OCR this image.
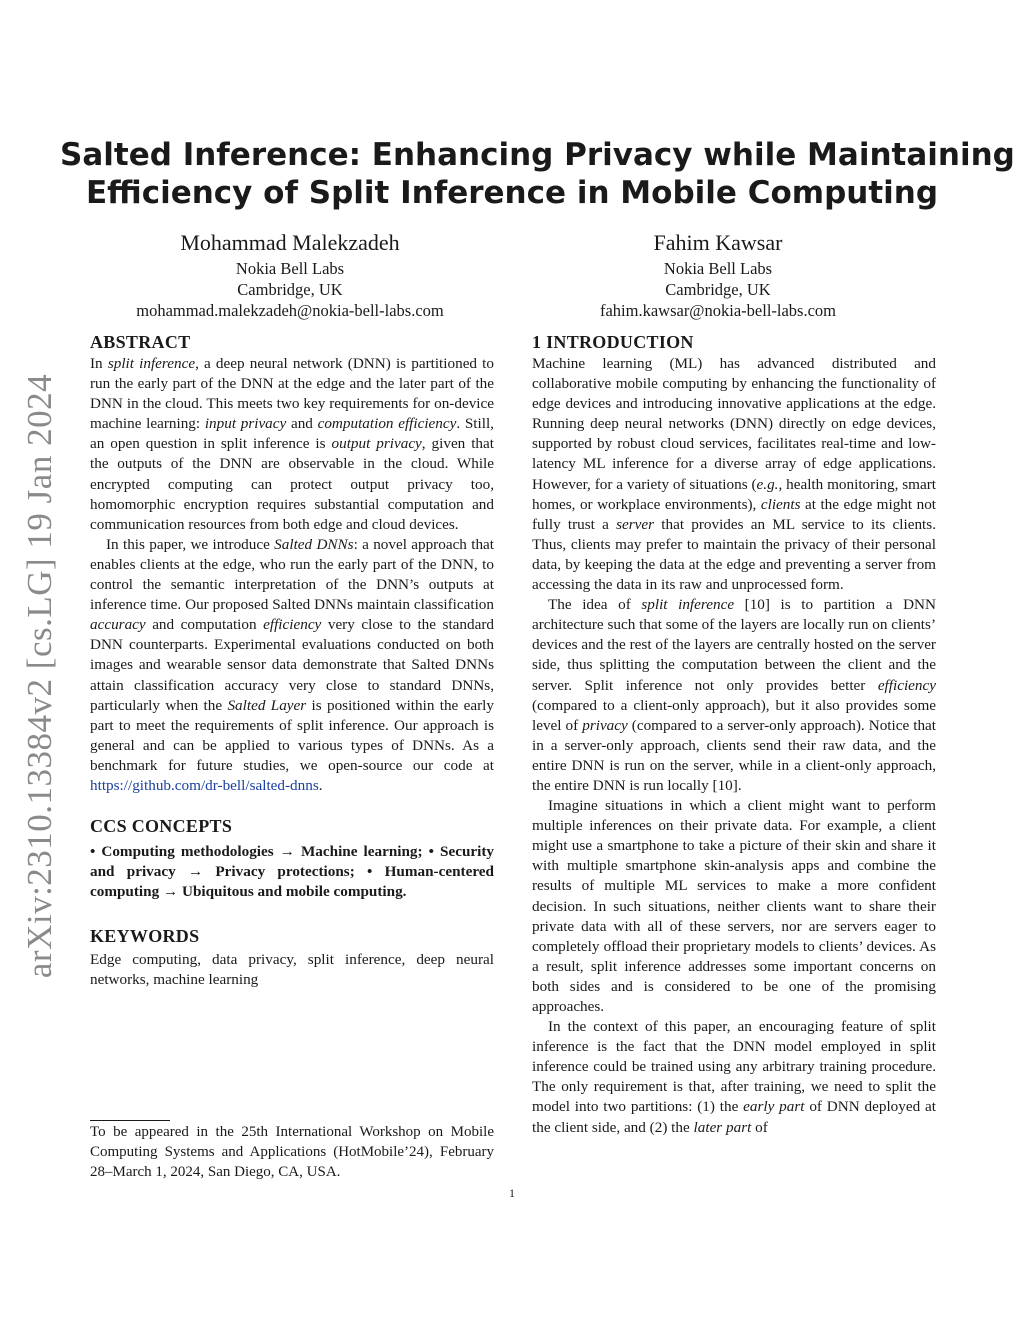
arXiv:2310.13384v2 [cs.LG] 19 Jan 2024
Salted Inference: Enhancing Privacy while Maintaining
Efficiency of Split Inference in Mobile Computing
Mohammad Malekzadeh
Nokia Bell Labs
Cambridge, UK
mohammad.malekzadeh@nokia-bell-labs.com
Fahim Kawsar
Nokia Bell Labs
Cambridge, UK
fahim.kawsar@nokia-bell-labs.com
ABSTRACT

In split inference, a deep neural network (DNN) is partitioned to run the early part of the DNN at the edge and the later part of the DNN in the cloud. This meets two key requirements for on-device machine learning: input privacy and computation efficiency. Still, an open question in split inference is output privacy, given that the outputs of the DNN are observable in the cloud. While encrypted computing can protect output privacy too, homomorphic encryption requires substantial computation and communication resources from both edge and cloud devices.

In this paper, we introduce Salted DNNs: a novel approach that enables clients at the edge, who run the early part of the DNN, to control the semantic interpretation of the DNN’s outputs at inference time. Our proposed Salted DNNs maintain classification accuracy and computation efficiency very close to the standard DNN counterparts. Experimental evaluations conducted on both images and wearable sensor data demonstrate that Salted DNNs attain classification accuracy very close to standard DNNs, particularly when the Salted Layer is positioned within the early part to meet the requirements of split inference. Our approach is general and can be applied to various types of DNNs. As a benchmark for future studies, we open-source our code at https://github.com/dr-bell/salted-dnns.

CCS CONCEPTS

• Computing methodologies → Machine learning; • Security and privacy → Privacy protections; • Human-centered computing → Ubiquitous and mobile computing.

KEYWORDS

Edge computing, data privacy, split inference, deep neural networks, machine learning

To be appeared in the 25th International Workshop on Mobile Computing Systems and Applications (HotMobile’24), February 28–March 1, 2024, San Diego, CA, USA.
1 INTRODUCTION

Machine learning (ML) has advanced distributed and collaborative mobile computing by enhancing the functionality of edge devices and introducing innovative applications at the edge. Running deep neural networks (DNN) directly on edge devices, supported by robust cloud services, facilitates real-time and low-latency ML inference for a diverse array of edge applications. However, for a variety of situations (e.g., health monitoring, smart homes, or workplace environments), clients at the edge might not fully trust a server that provides an ML service to its clients. Thus, clients may prefer to maintain the privacy of their personal data, by keeping the data at the edge and preventing a server from accessing the data in its raw and unprocessed form.

The idea of split inference [10] is to partition a DNN architecture such that some of the layers are locally run on clients’ devices and the rest of the layers are centrally hosted on the server side, thus splitting the computation between the client and the server. Split inference not only provides better efficiency (compared to a client-only approach), but it also provides some level of privacy (compared to a server-only approach). Notice that in a server-only approach, clients send their raw data, and the entire DNN is run on the server, while in a client-only approach, the entire DNN is run locally [10].

Imagine situations in which a client might want to perform multiple inferences on their private data. For example, a client might use a smartphone to take a picture of their skin and share it with multiple smartphone skin-analysis apps and combine the results of multiple ML services to make a more confident decision. In such situations, neither clients want to share their private data with all of these servers, nor are servers eager to completely offload their proprietary models to clients’ devices. As a result, split inference addresses some important concerns on both sides and is considered to be one of the promising approaches.

In the context of this paper, an encouraging feature of split inference is the fact that the DNN model employed in split inference could be trained using any arbitrary training procedure. The only requirement is that, after training, we need to split the model into two partitions: (1) the early part of DNN deployed at the client side, and (2) the later part of

1
